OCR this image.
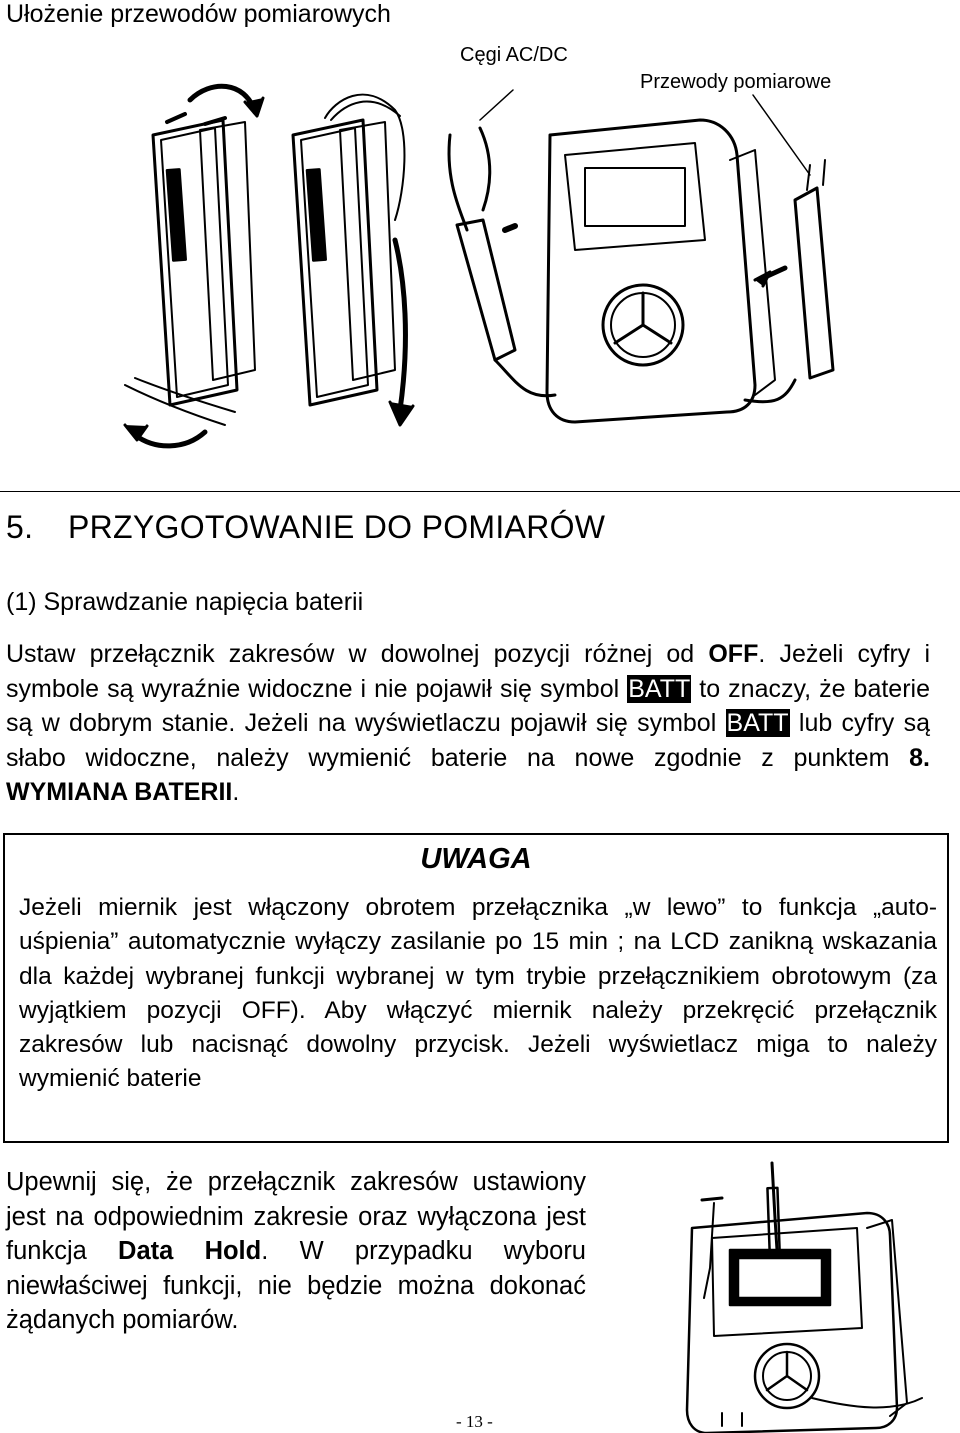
Ułożenie przewodów pomiarowych
Cęgi AC/DC
Przewody pomiarowe
5. PRZYGOTOWANIE DO POMIARÓW
(1) Sprawdzanie napięcia baterii
Ustaw przełącznik zakresów w dowolnej pozycji różnej od OFF. Jeżeli cyfry i symbole są wyraźnie widoczne i nie pojawił się symbol BATT to znaczy, że baterie są w dobrym stanie. Jeżeli na wyświetlaczu pojawił się symbol BATT lub cyfry są słabo widoczne, należy wymienić baterie na nowe zgodnie z punktem 8. WYMIANA BATERII.
UWAGA
Jeżeli miernik jest włączony obrotem przełącznika „w lewo” to funkcja „auto-uśpienia” automatycznie wyłączy zasilanie po 15 min ; na LCD zanikną wskazania dla każdej wybranej funkcji wybranej w tym trybie przełącznikiem obrotowym (za wyjątkiem pozycji OFF). Aby włączyć miernik należy przekręcić przełącznik zakresów lub nacisnąć dowolny przycisk. Jeżeli wyświetlacz miga to należy wymienić baterie
Upewnij się, że przełącznik zakresów ustawiony jest na odpowiednim zakresie oraz wyłączona jest funkcja Data Hold. W przypadku wyboru niewłaściwej funkcji, nie będzie można dokonać żądanych pomiarów.
- 13 -
